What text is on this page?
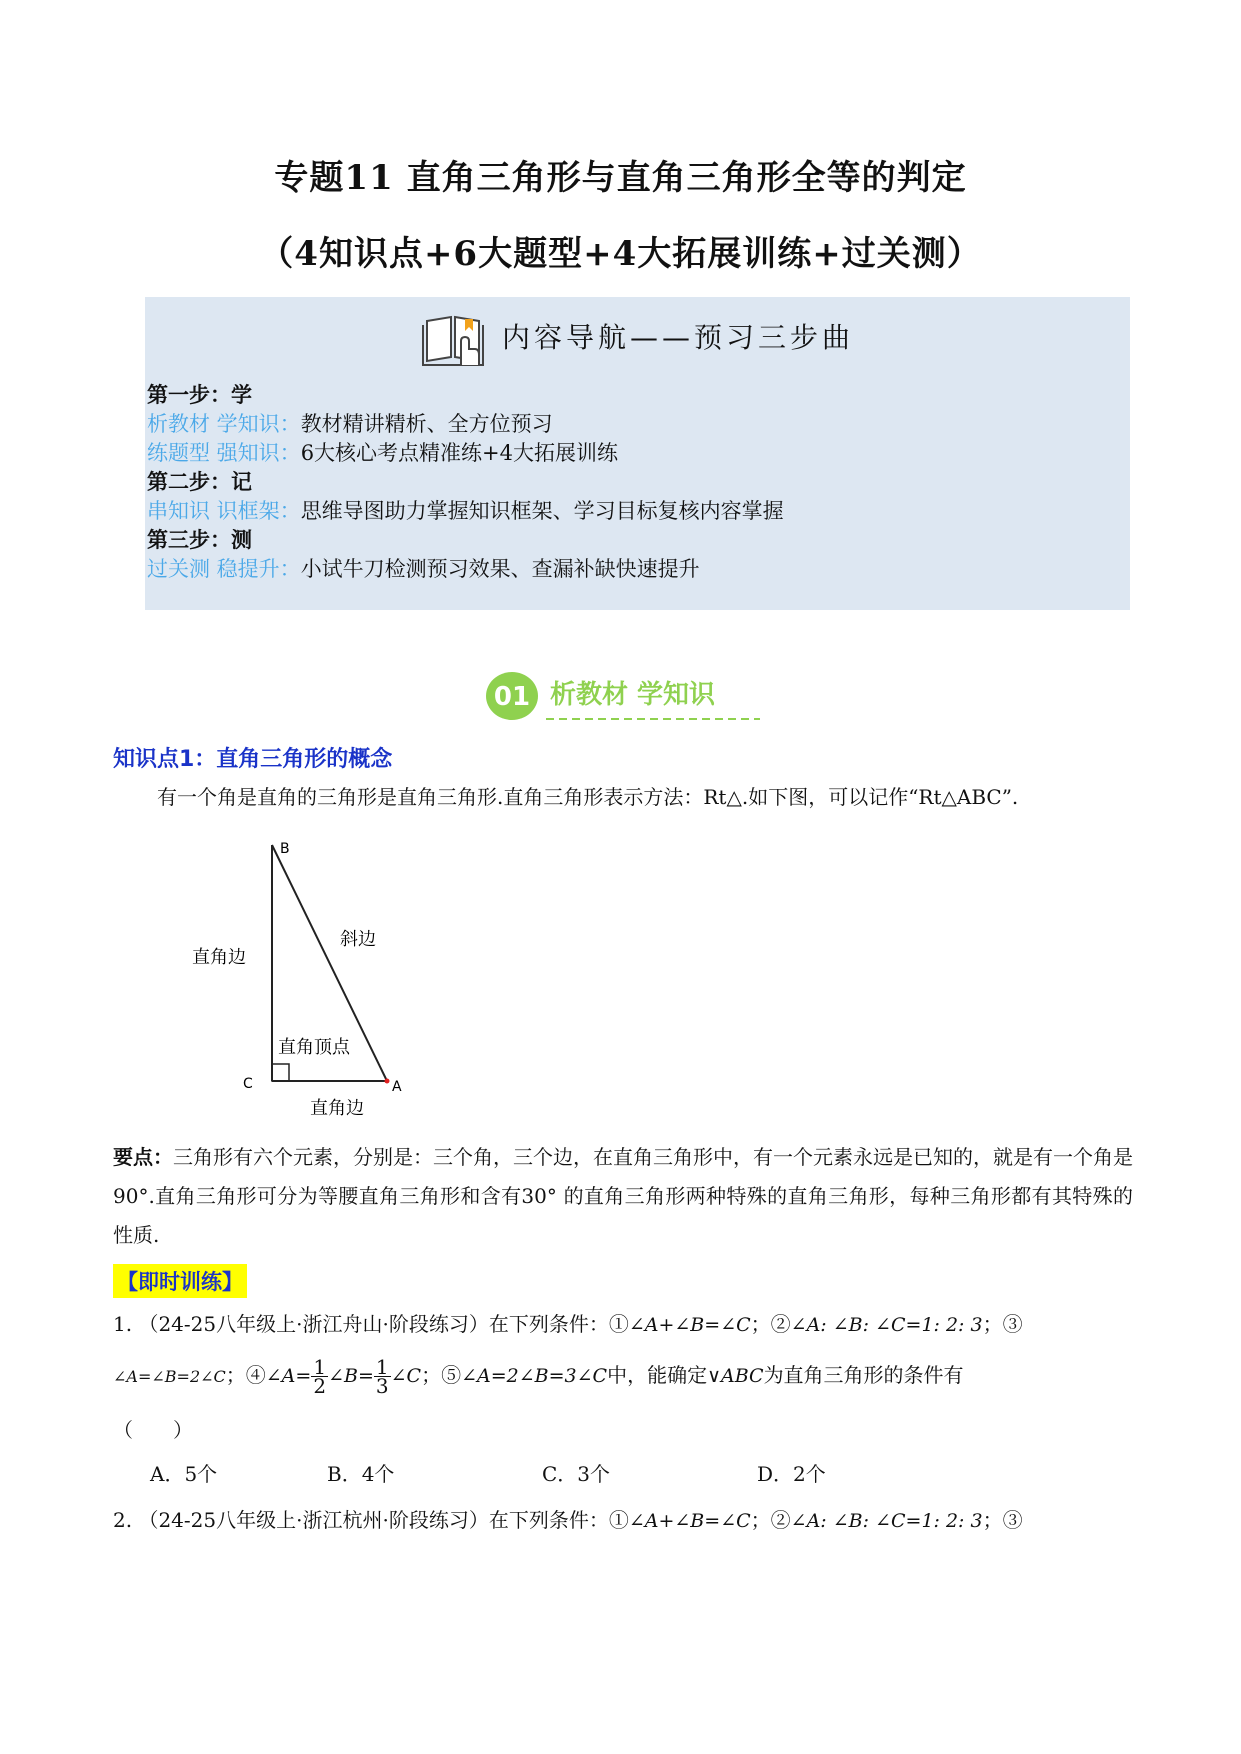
专题11 直角三角形与直角三角形全等的判定
（4知识点+6大题型+4大拓展训练+过关测）
内容导航——预习三步曲
第一步：学
析教材 学知识：教材精讲精析、全方位预习
练题型 强知识：6大核心考点精准练+4大拓展训练
第二步：记
串知识 识框架：思维导图助力掌握知识框架、学习目标复核内容掌握
第三步：测
过关测 稳提升：小试牛刀检测预习效果、查漏补缺快速提升
01 析教材 学知识
知识点1：直角三角形的概念
有一个角是直角的三角形是直角三角形.直角三角形表示方法：Rt△.如下图，可以记作“Rt△ABC”.
B
C	A
直角边
斜边
直角顶点
直角边
要点：三角形有六个元素，分别是：三个角，三个边，在直角三角形中，有一个元素永远是已知的，就是有一个角是90°.直角三角形可分为等腰直角三角形和含有30° 的直角三角形两种特殊的直角三角形，每种三角形都有其特殊的性质.
【即时训练】
1. （24-25八年级上·浙江舟山·阶段练习）在下列条件：①∠A+∠B=∠C；②∠A: ∠B: ∠C=1: 2: 3；③
∠A=∠B=2∠C；④∠A= $\frac{1}{2}$ ∠B= $\frac{1}{3}$ ∠C；⑤∠A=2∠B=3∠C中，能确定∨ABC为直角三角形的条件有
（　　）
A．5个	B．4个	C．3个	D．2个
2. （24-25八年级上·浙江杭州·阶段练习）在下列条件：①∠A+∠B=∠C；②∠A: ∠B: ∠C=1: 2: 3；③
